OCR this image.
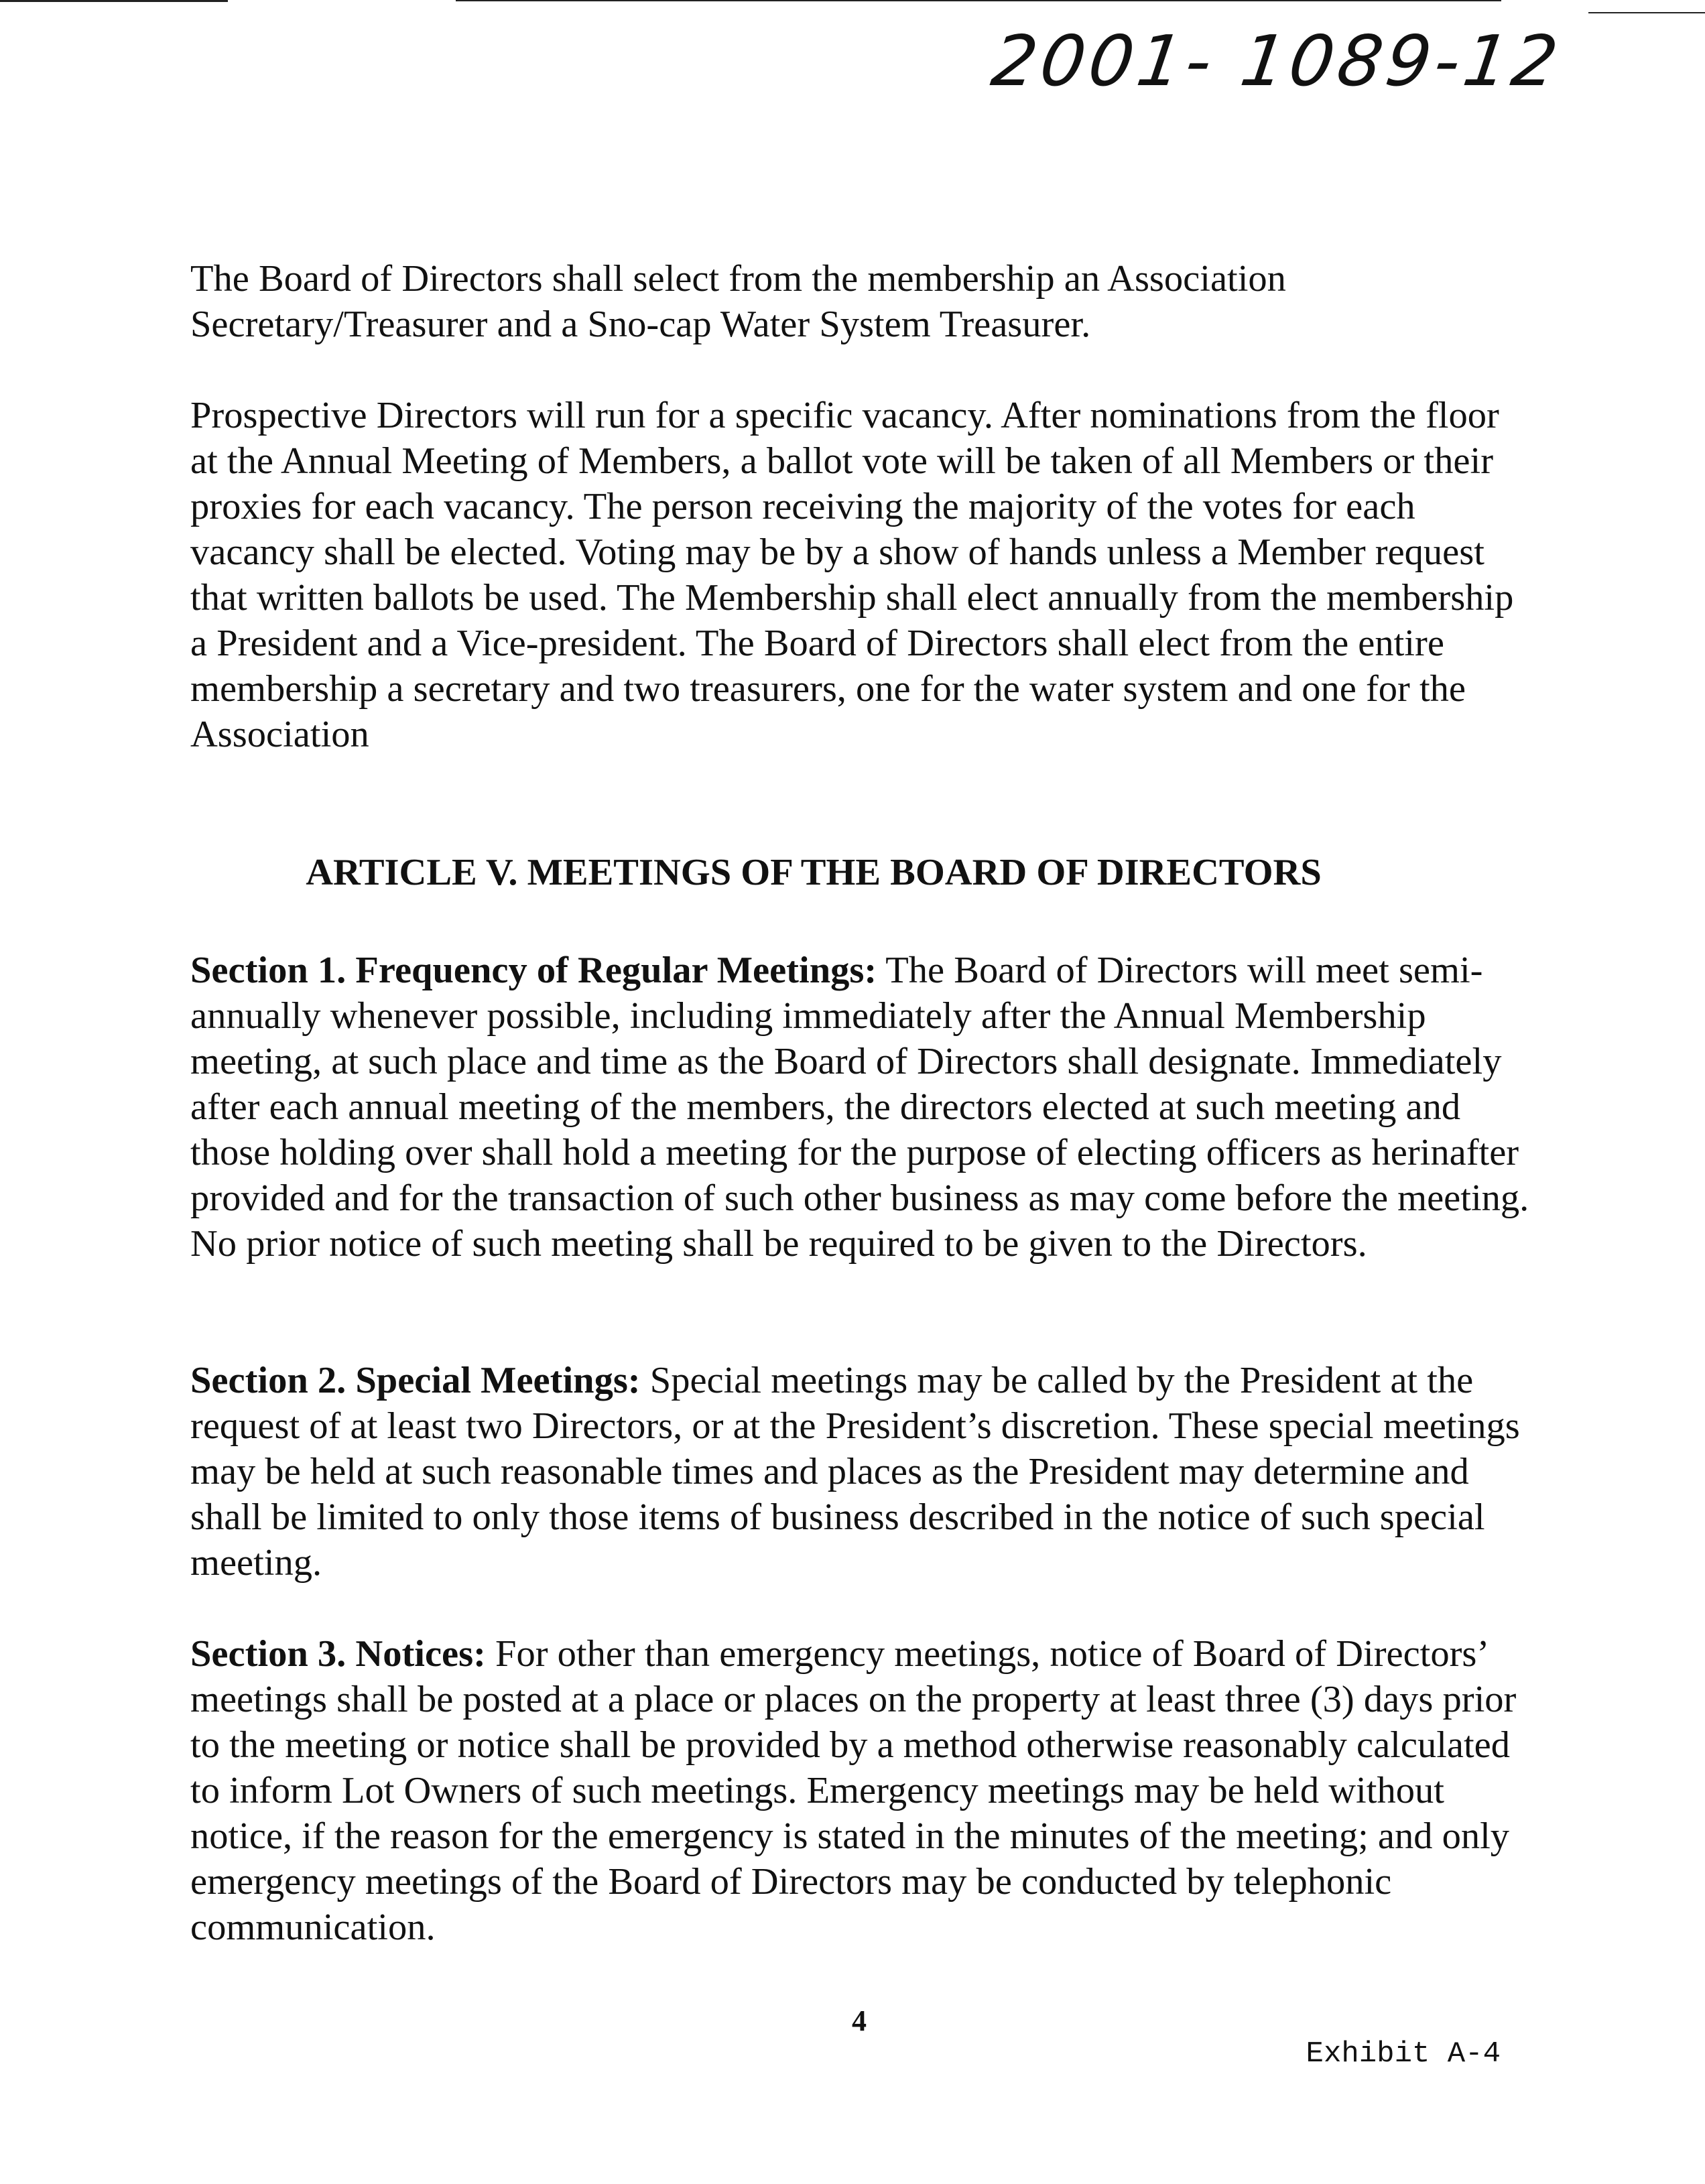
2001- 1089-12

The Board of Directors shall select from the membership an Association Secretary/Treasurer and a Sno-cap Water System Treasurer.

Prospective Directors will run for a specific vacancy. After nominations from the floor at the Annual Meeting of Members, a ballot vote will be taken of all Members or their proxies for each vacancy. The person receiving the majority of the votes for each vacancy shall be elected. Voting may be by a show of hands unless a Member request that written ballots be used. The Membership shall elect annually from the membership a President and a Vice-president. The Board of Directors shall elect from the entire membership a secretary and two treasurers, one for the water system and one for the Association

ARTICLE V. MEETINGS OF THE BOARD OF DIRECTORS

Section 1. Frequency of Regular Meetings: The Board of Directors will meet semi-annually whenever possible, including immediately after the Annual Membership meeting, at such place and time as the Board of Directors shall designate. Immediately after each annual meeting of the members, the directors elected at such meeting and those holding over shall hold a meeting for the purpose of electing officers as herinafter provided and for the transaction of such other business as may come before the meeting. No prior notice of such meeting shall be required to be given to the Directors.

Section 2. Special Meetings: Special meetings may be called by the President at the request of at least two Directors, or at the President’s discretion. These special meetings may be held at such reasonable times and places as the President may determine and shall be limited to only those items of business described in the notice of such special meeting.

Section 3. Notices: For other than emergency meetings, notice of Board of Directors’ meetings shall be posted at a place or places on the property at least three (3) days prior to the meeting or notice shall be provided by a method otherwise reasonably calculated to inform Lot Owners of such meetings. Emergency meetings may be held without notice, if the reason for the emergency is stated in the minutes of the meeting; and only emergency meetings of the Board of Directors may be conducted by telephonic communication.

4
Exhibit A-4
